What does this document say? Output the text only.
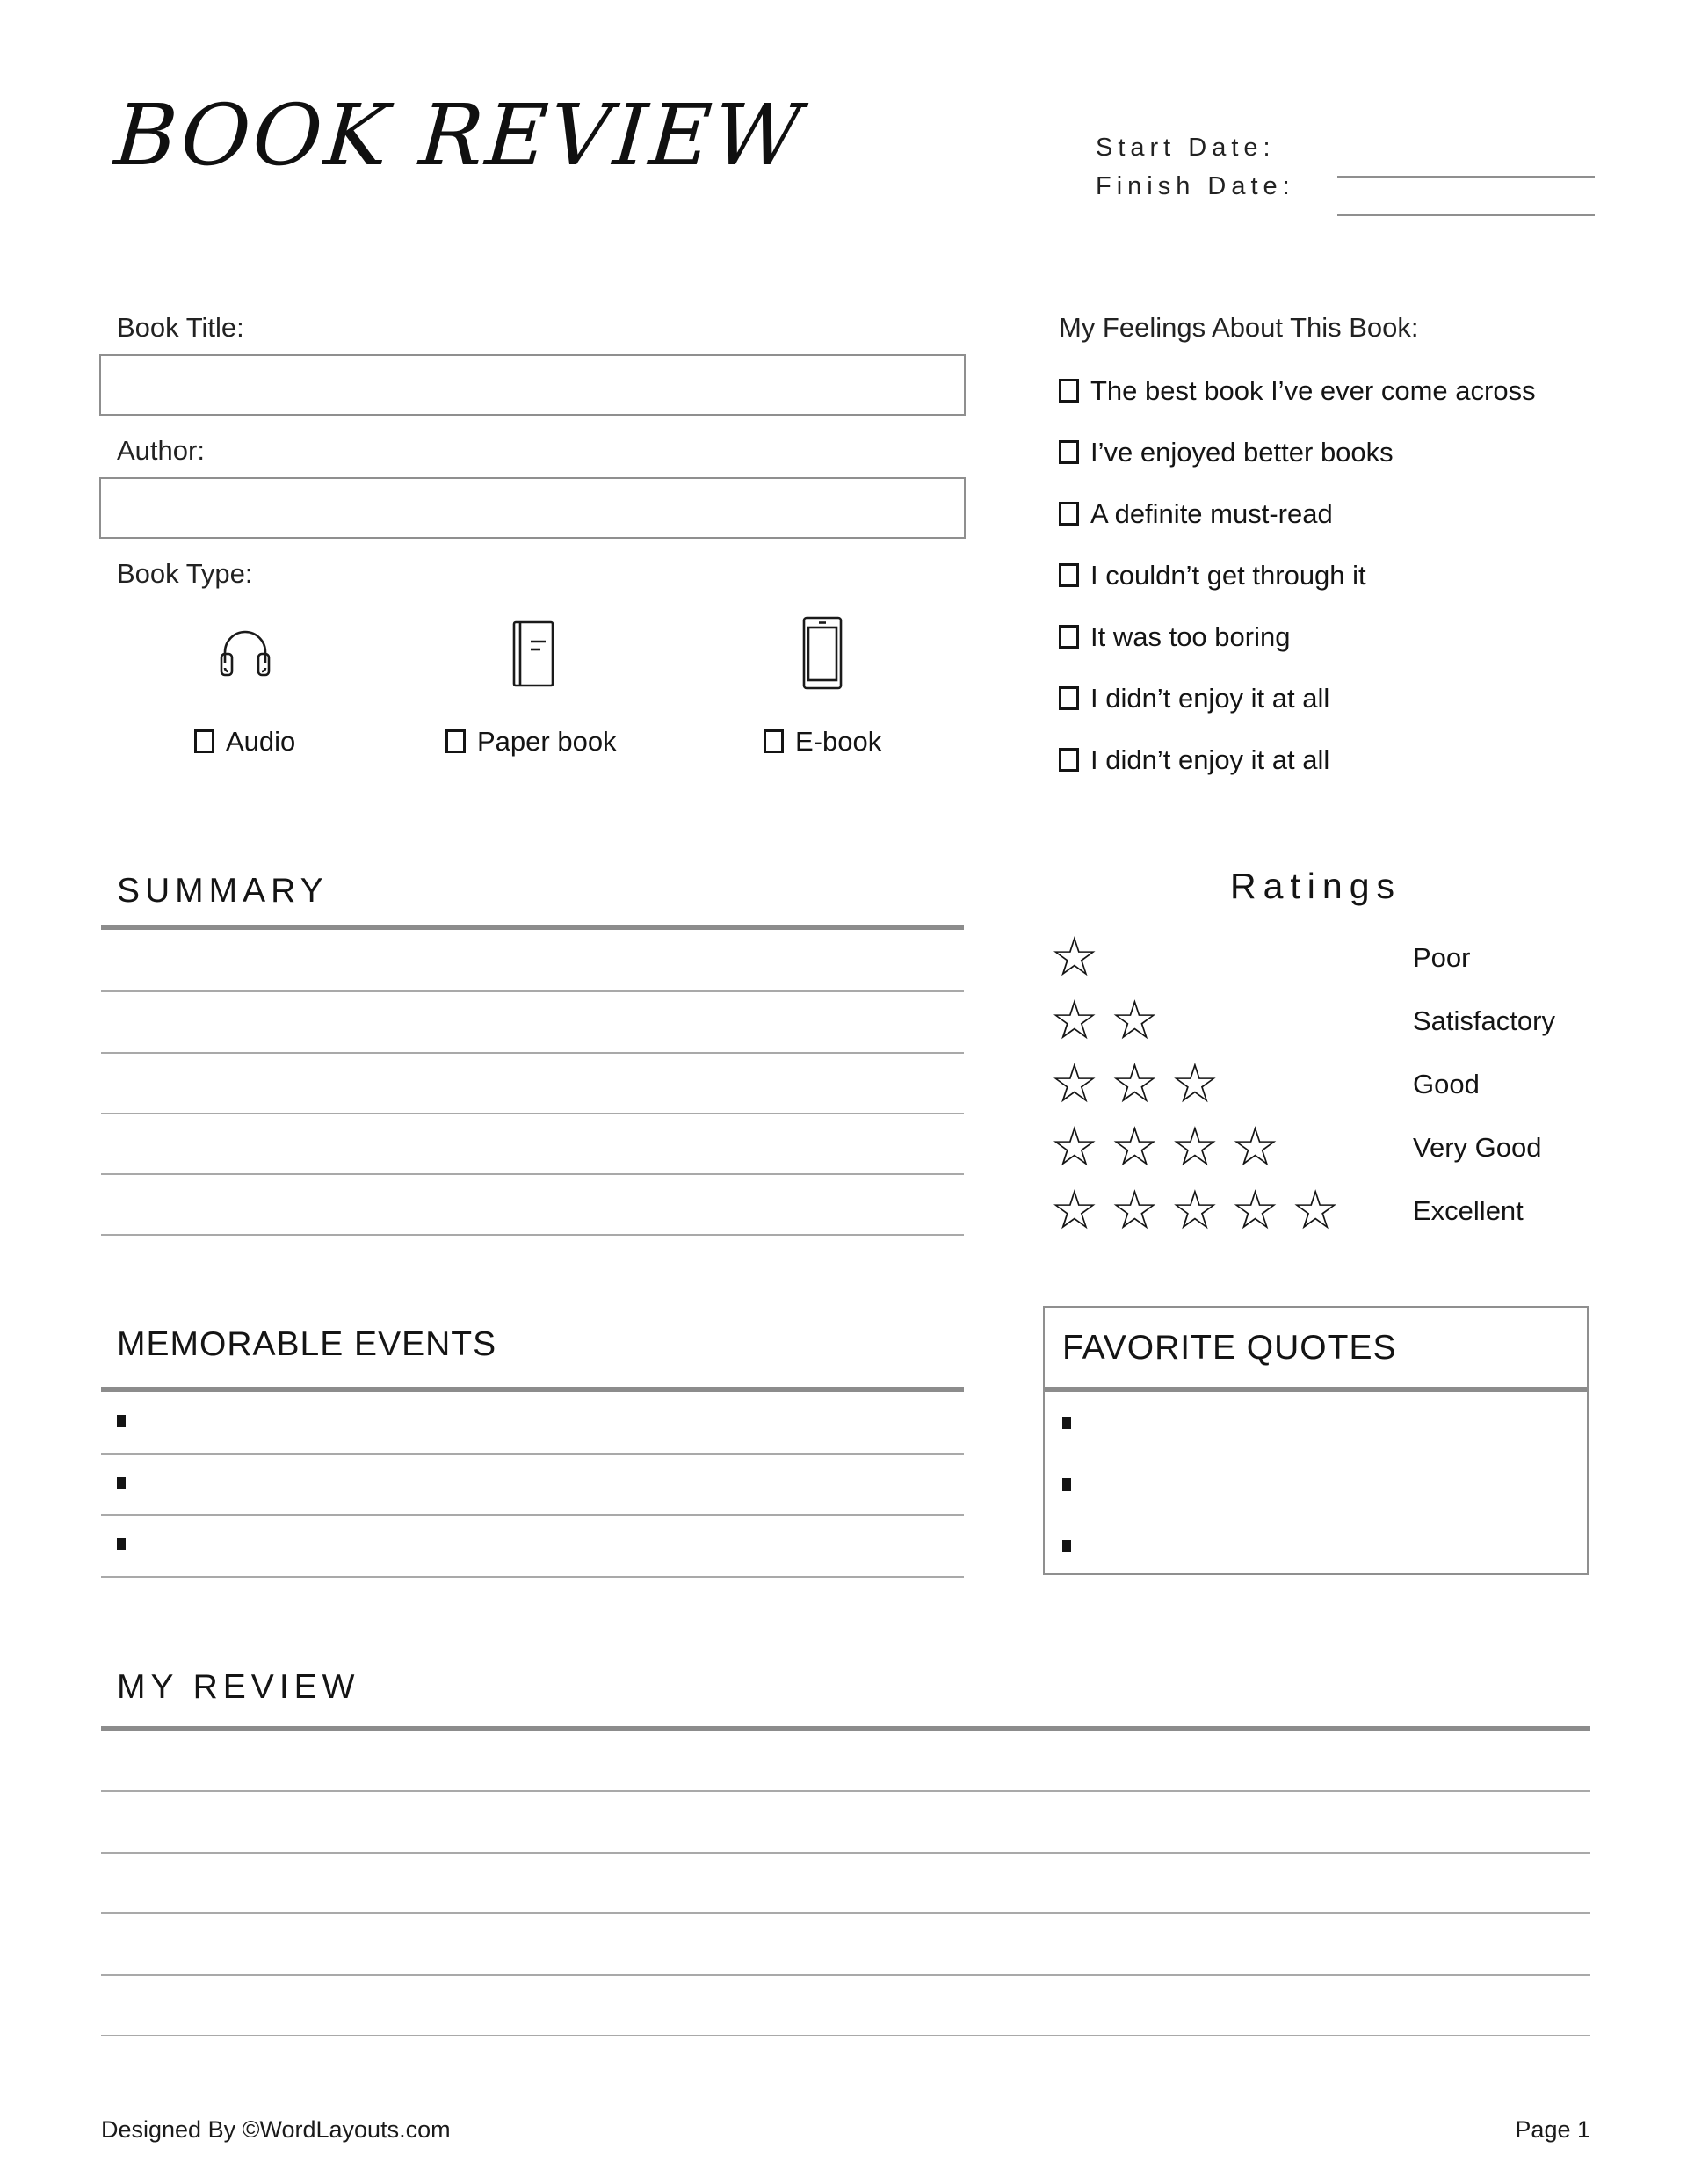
BOOK REVIEW	Start Date:
Finish Date:
Book Title:
Author:
Book Type:
Audio	Paper book	E-book
My Feelings About This Book:
The best book I’ve ever come across
I’ve enjoyed better books
A definite must-read
I couldn’t get through it
It was too boring
I didn’t enjoy it at all
I didn’t enjoy it at all
SUMMARY	Ratings
☆	Poor
☆☆	Satisfactory
☆☆☆	Good
☆☆☆☆	Very Good
☆☆☆☆☆ Excellent
MEMORABLE EVENTS	FAVORITE QUOTES
MY REVIEW
Designed By ©WordLayouts.com	Page 1
